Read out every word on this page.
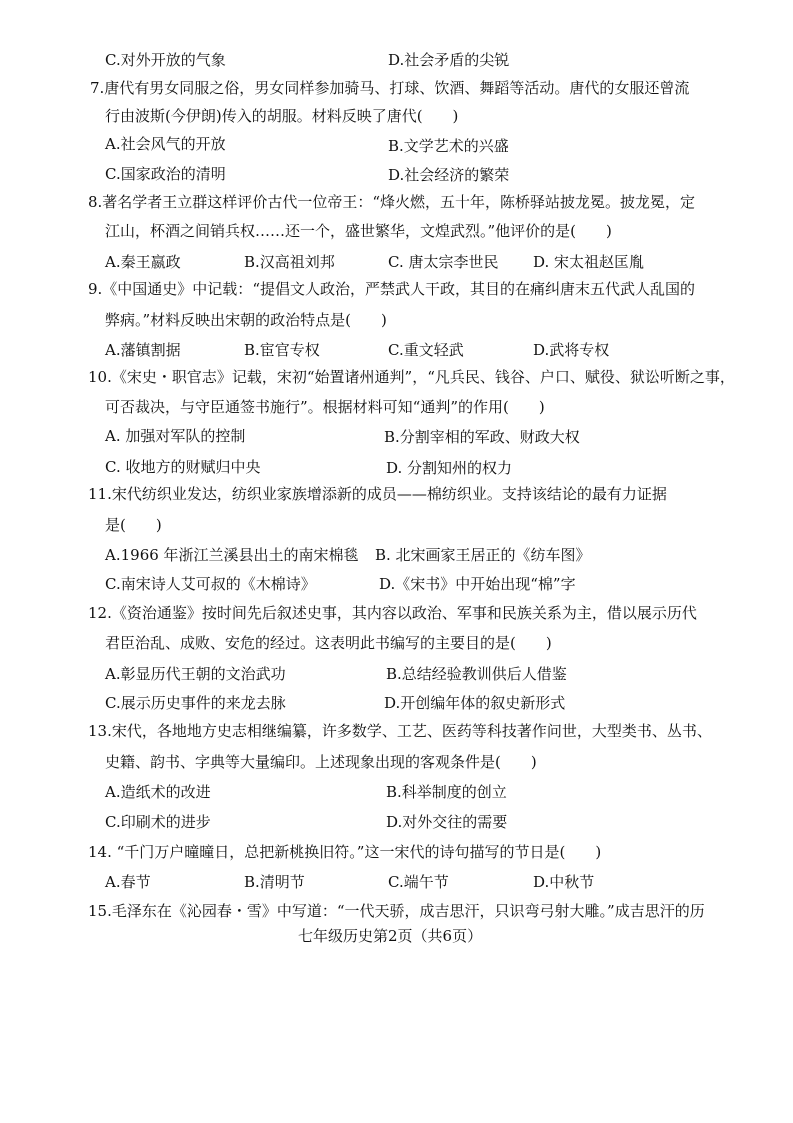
C.对外开放的气象	D.社会矛盾的尖锐
7.唐代有男女同服之俗，男女同样参加骑马、打球、饮酒、舞蹈等活动。唐代的女服还曾流
行由波斯(今伊朗)传入的胡服。材料反映了唐代(　　)
A.社会风气的开放	B.文学艺术的兴盛
C.国家政治的清明	D.社会经济的繁荣
8.著名学者王立群这样评价古代一位帝王：“烽火燃，五十年，陈桥驿站披龙冕。披龙冕，定
江山，杯酒之间销兵权……还一个，盛世繁华，文煌武烈。”他评价的是(　　)
A.秦王嬴政	B.汉高祖刘邦	C. 唐太宗李世民 D. 宋太祖赵匡胤
9.《中国通史》中记载：“提倡文人政治，严禁武人干政，其目的在痛纠唐末五代武人乱国的
弊病。”材料反映出宋朝的政治特点是(　　)
A.藩镇割据	B.宦官专权	C.重文轻武	D.武将专权
10.《宋史・职官志》记载，宋初“始置诸州通判”，“凡兵民、钱谷、户口、赋役、狱讼听断之事，
可否裁决，与守臣通签书施行”。根据材料可知“通判”的作用(　　)
A. 加强对军队的控制	B.分割宰相的军政、财政大权
C. 收地方的财赋归中央	D. 分割知州的权力
11.宋代纺织业发达，纺织业家族增添新的成员——棉纺织业。支持该结论的最有力证据
是(　　)
A.1966 年浙江兰溪县出土的南宋棉毯 B. 北宋画家王居正的《纺车图》
C.南宋诗人艾可叔的《木棉诗》	D.《宋书》中开始出现“棉”字
12.《资治通鉴》按时间先后叙述史事，其内容以政治、军事和民族关系为主，借以展示历代
君臣治乱、成败、安危的经过。这表明此书编写的主要目的是(　　)
A.彰显历代王朝的文治武功	B.总结经验教训供后人借鉴
C.展示历史事件的来龙去脉	D.开创编年体的叙史新形式
13.宋代，各地地方史志相继编纂，许多数学、工艺、医药等科技著作问世，大型类书、丛书、
史籍、韵书、字典等大量编印。上述现象出现的客观条件是(　　)
A.造纸术的改进	B.科举制度的创立
C.印刷术的进步	D.对外交往的需要
14. “千门万户曈曈日，总把新桃换旧符。”这一宋代的诗句描写的节日是(　　)
A.春节	B.清明节	C.端午节	D.中秋节
15.毛泽东在《沁园春・雪》中写道：“一代天骄，成吉思汗，只识弯弓射大雕。”成吉思汗的历
七年级历史第2页（共6页）
